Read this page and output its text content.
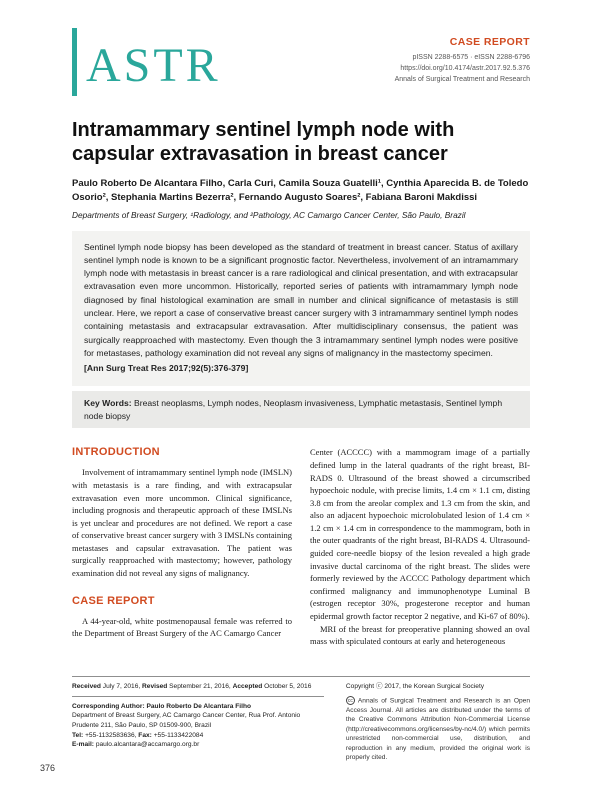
ASTR	CASE REPORT
pISSN 2288-6575 · eISSN 2288-6796
https://doi.org/10.4174/astr.2017.92.5.376
Annals of Surgical Treatment and Research
Intramammary sentinel lymph node with capsular extravasation in breast cancer

Paulo Roberto De Alcantara Filho, Carla Curi, Camila Souza Guatelli¹, Cynthia Aparecida B. de Toledo Osorio², Stephania Martins Bezerra², Fernando Augusto Soares², Fabiana Baroni Makdissi

Departments of Breast Surgery, ¹Radiology, and ²Pathology, AC Camargo Cancer Center, São Paulo, Brazil

Sentinel lymph node biopsy has been developed as the standard of treatment in breast cancer. Status of axillary sentinel lymph node is known to be a significant prognostic factor. Nevertheless, involvement of an intramammary lymph node with metastasis in breast cancer is a rare radiological and clinical presentation, and with extracapsular extravasation even more uncommon. Historically, reported series of patients with intramammary lymph node diagnosed by final histological examination are small in number and clinical significance of metastasis is still unclear. Here, we report a case of conservative breast cancer surgery with 3 intramammary sentinel lymph nodes containing metastasis and extracapsular extravasation. After multidisciplinary consensus, the patient was surgically reapproached with mastectomy. Even though the 3 intramammary sentinel lymph nodes were positive for metastases, pathology examination did not reveal any signs of malignancy in the mastectomy specimen.
[Ann Surg Treat Res 2017;92(5):376-379]
Key Words: Breast neoplasms, Lymph nodes, Neoplasm invasiveness, Lymphatic metastasis, Sentinel lymph node biopsy
INTRODUCTION

Involvement of intramammary sentinel lymph node (IMSLN) with metastasis is a rare finding, and with extracapsular extravasation even more uncommon. Clinical significance, including prognosis and therapeutic approach of these IMSLNs is yet unclear and procedures are not defined. We report a case of conservative breast cancer surgery with 3 IMSLNs containing metastases and capsular extravasation. The patient was surgically reapproached with mastectomy; however, pathology examination did not reveal any signs of malignancy.

CASE REPORT

A 44-year-old, white postmenopausal female was referred to the Department of Breast Surgery of the AC Camargo Cancer

Center (ACCCC) with a mammogram image of a partially defined lump in the lateral quadrants of the right breast, BI-RADS 0. Ultrasound of the breast showed a circumscribed hypoechoic nodule, with precise limits, 1.4 cm × 1.1 cm, disting 3.8 cm from the areolar complex and 1.3 cm from the skin, and also an adjacent hypoechoic microlobulated lesion of 1.4 cm × 1.2 cm × 1.4 cm in correspondence to the mammogram, both in the outer quadrants of the right breast, BI-RADS 4. Ultrasound-guided core-needle biopsy of the lesion revealed a high grade invasive ductal carcinoma of the right breast. The slides were formerly reviewed by the ACCCC Pathology department which confirmed malignancy and immunophenotype Luminal B (estrogen receptor 30%, progesterone receptor and human epidermal growth factor receptor 2 negative, and Ki-67 of 80%).

MRI of the breast for preoperative planning showed an oval mass with spiculated contours at early and heterogeneous

Received July 7, 2016, Revised September 21, 2016, Accepted October 5, 2016
Corresponding Author: Paulo Roberto De Alcantara Filho
Department of Breast Surgery, AC Camargo Cancer Center, Rua Prof. Antonio Prudente 211, São Paulo, SP 01509-900, Brazil
Tel: +55-1132583636, Fax: +55-1133422084
E-mail: paulo.alcantara@accamargo.org.br
Copyright ⓒ 2017, the Korean Surgical Society
cc Annals of Surgical Treatment and Research is an Open Access Journal. All articles are distributed under the terms of the Creative Commons Attribution Non-Commercial License (http://creativecommons.org/licenses/by-nc/4.0/) which permits unrestricted non-commercial use, distribution, and reproduction in any medium, provided the original work is properly cited.
376
